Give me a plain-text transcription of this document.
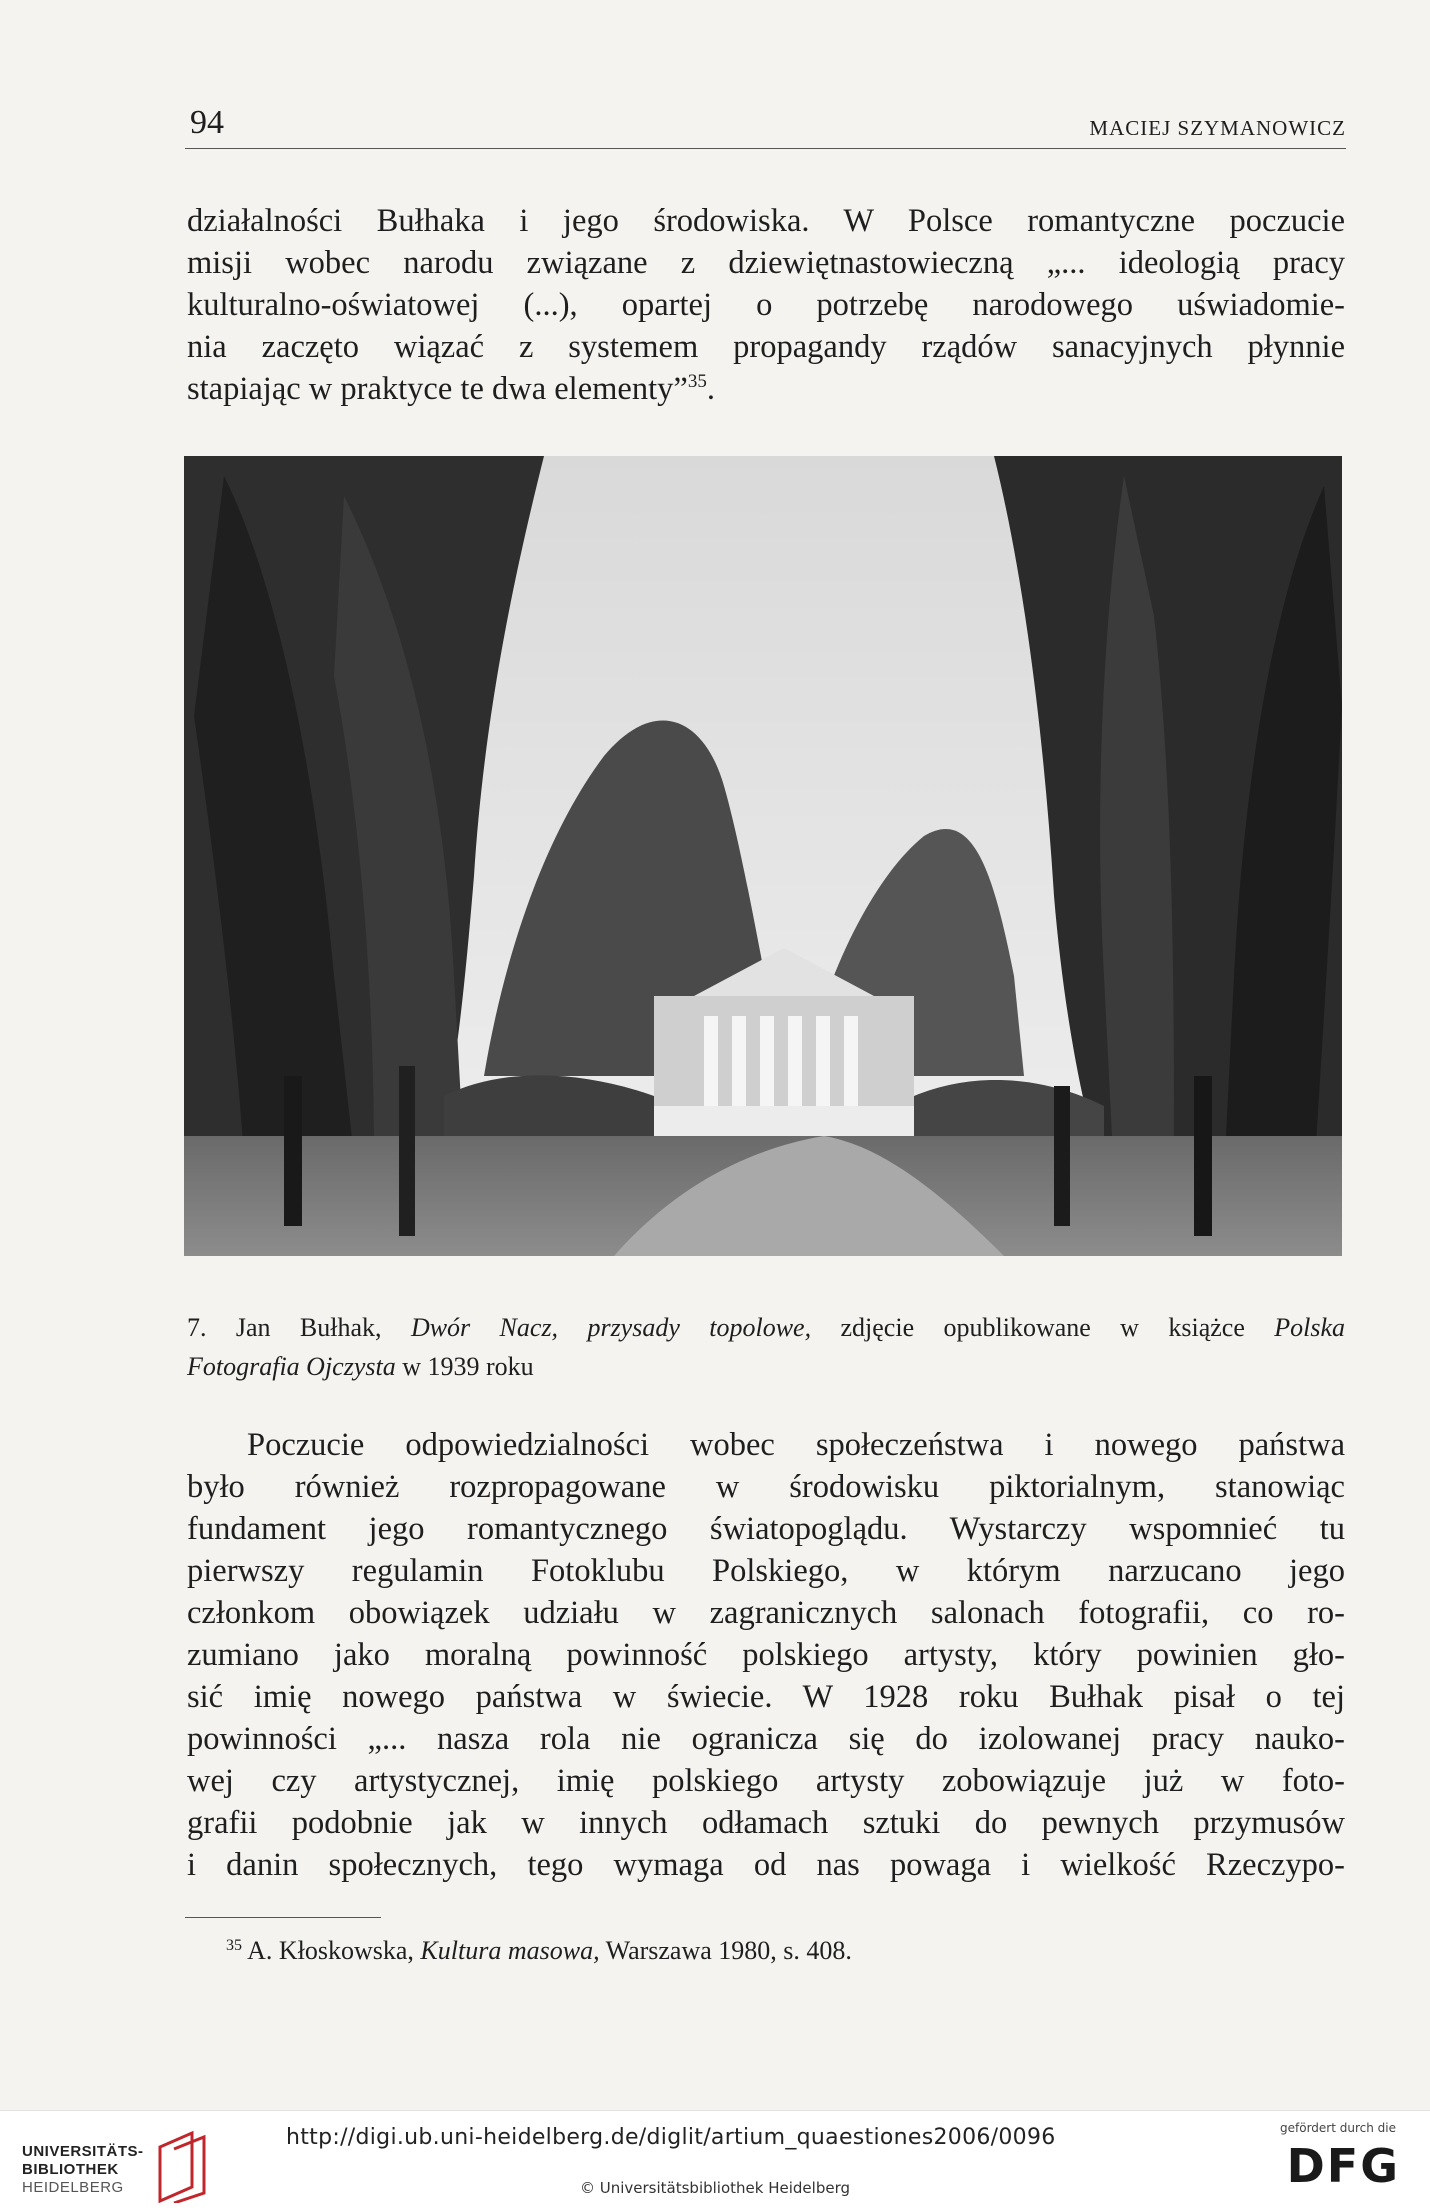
94	MACIEJ SZYMANOWICZ
działalności Bułhaka i jego środowiska. W Polsce romantyczne poczucie
misji wobec narodu związane z dziewiętnastowieczną „... ideologią pracy
kulturalno-oświatowej (...), opartej o potrzebę narodowego uświadomie-
nia zaczęto wiązać z systemem propagandy rządów sanacyjnych płynnie
stapiając w praktyce te dwa elementy”$^{35}$.
7. Jan Bułhak, Dwór Nacz, przysady topolowe, zdjęcie opublikowane w książce Polska
Fotografia Ojczysta w 1939 roku
Poczucie odpowiedzialności wobec społeczeństwa i nowego państwa
było również rozpropagowane w środowisku piktorialnym, stanowiąc
fundament jego romantycznego światopoglądu. Wystarczy wspomnieć tu
pierwszy regulamin Fotoklubu Polskiego, w którym narzucano jego
członkom obowiązek udziału w zagranicznych salonach fotografii, co ro-
zumiano jako moralną powinność polskiego artysty, który powinien gło-
sić imię nowego państwa w świecie. W 1928 roku Bułhak pisał o tej
powinności „... nasza rola nie ogranicza się do izolowanej pracy nauko-
wej czy artystycznej, imię polskiego artysty zobowiązuje już w foto-
grafii podobnie jak w innych odłamach sztuki do pewnych przymusów
i danin społecznych, tego wymaga od nas powaga i wielkość Rzeczypo-
$^{35}$ A. Kłoskowska, Kultura masowa, Warszawa 1980, s. 408.
UNIVERSITÄTS-
BIBLIOTHEK
HEIDELBERG
http://digi.ub.uni-heidelberg.de/diglit/artium_quaestiones2006/0096
© Universitätsbibliothek Heidelberg
gefördert durch die
DFG
